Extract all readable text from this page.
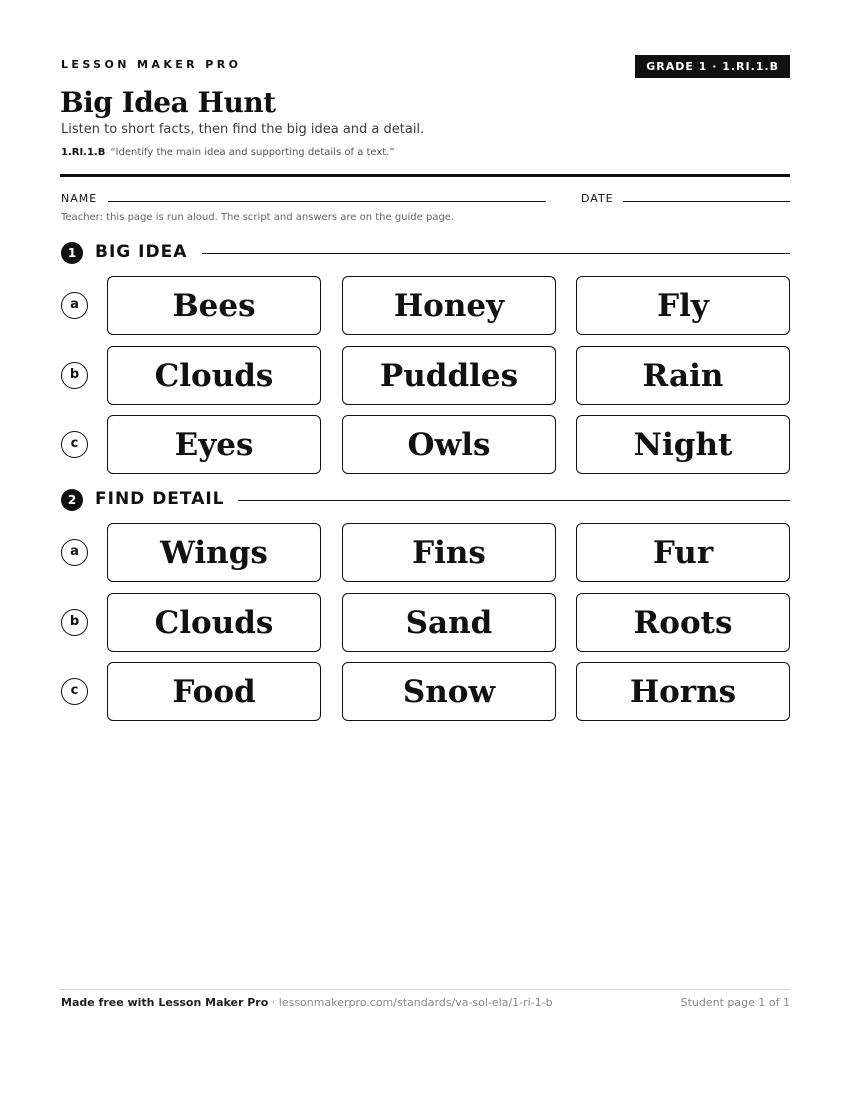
LESSON MAKER PRO	GRADE 1 · 1.RI.1.B
Big Idea Hunt
Listen to short facts, then find the big idea and a detail.
1.RI.1.B “Identify the main idea and supporting details of a text.”
NAME	DATE
Teacher: this page is run aloud. The script and answers are on the guide page.
1	BIG IDEA
a	Bees	Honey	Fly
b	Clouds	Puddles	Rain
c	Eyes	Owls	Night
2	FIND DETAIL
a	Wings	Fins	Fur
b	Clouds	Sand	Roots
c	Food	Snow	Horns
Made free with Lesson Maker Pro · lessonmakerpro.com/standards/va-sol-ela/1-ri-1-b	Student page 1 of 1
